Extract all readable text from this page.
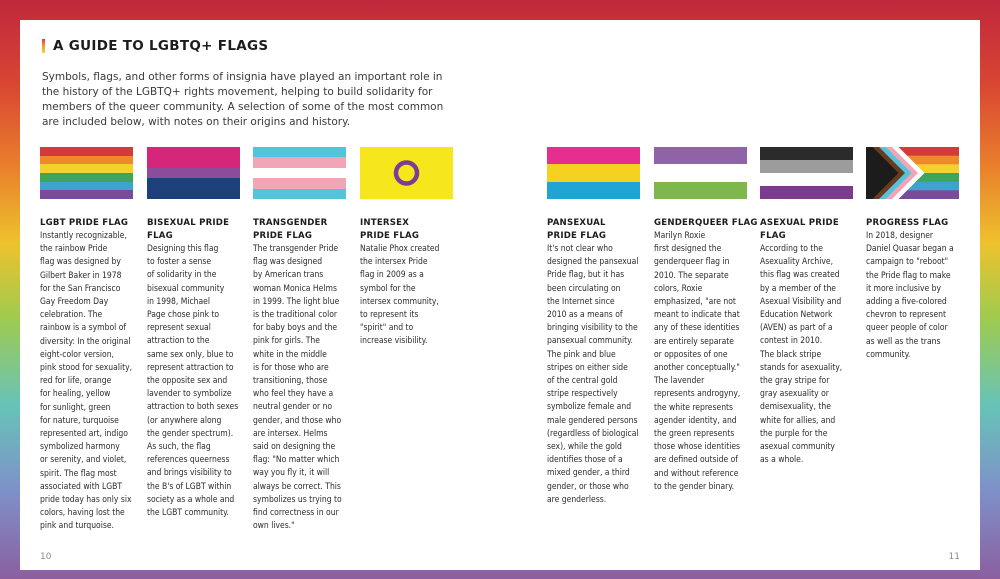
A GUIDE TO LGBTQ+ FLAGS
Symbols, flags, and other forms of insignia have played an important role in the history of the LGBTQ+ rights movement, helping to build solidarity for members of the queer community. A selection of some of the most common are included below, with notes on their origins and history.
LGBT PRIDE FLAG
Instantly recognizable,
the rainbow Pride
flag was designed by
Gilbert Baker in 1978
for the San Francisco
Gay Freedom Day
celebration. The
rainbow is a symbol of
diversity: In the original
eight-color version,
pink stood for sexuality,
red for life, orange
for healing, yellow
for sunlight, green
for nature, turquoise
represented art, indigo
symbolized harmony
or serenity, and violet,
spirit. The flag most
associated with LGBT
pride today has only six
colors, having lost the
pink and turquoise.
BISEXUAL PRIDE
FLAG
Designing this flag
to foster a sense
of solidarity in the
bisexual community
in 1998, Michael
Page chose pink to
represent sexual
attraction to the
same sex only, blue to
represent attraction to
the opposite sex and
lavender to symbolize
attraction to both sexes
(or anywhere along
the gender spectrum).
As such, the flag
references queerness
and brings visibility to
the B's of LGBT within
society as a whole and
the LGBT community.
TRANSGENDER
PRIDE FLAG
The transgender Pride
flag was designed
by American trans
woman Monica Helms
in 1999. The light blue
is the traditional color
for baby boys and the
pink for girls. The
white in the middle
is for those who are
transitioning, those
who feel they have a
neutral gender or no
gender, and those who
are intersex. Helms
said on designing the
flag: "No matter which
way you fly it, it will
always be correct. This
symbolizes us trying to
find correctness in our
own lives."
INTERSEX
PRIDE FLAG
Natalie Phox created
the intersex Pride
flag in 2009 as a
symbol for the
intersex community,
to represent its
"spirit" and to
increase visibility.
PANSEXUAL
PRIDE FLAG
It's not clear who
designed the pansexual
Pride flag, but it has
been circulating on
the Internet since
2010 as a means of
bringing visibility to the
pansexual community.
The pink and blue
stripes on either side
of the central gold
stripe respectively
symbolize female and
male gendered persons
(regardless of biological
sex), while the gold
identifies those of a
mixed gender, a third
gender, or those who
are genderless.
GENDERQUEER FLAG
Marilyn Roxie
first designed the
genderqueer flag in
2010. The separate
colors, Roxie
emphasized, "are not
meant to indicate that
any of these identities
are entirely separate
or opposites of one
another conceptually."
The lavender
represents androgyny,
the white represents
agender identity, and
the green represents
those whose identities
are defined outside of
and without reference
to the gender binary.
ASEXUAL PRIDE FLAG
According to the
Asexuality Archive,
this flag was created
by a member of the
Asexual Visibility and
Education Network
(AVEN) as part of a
contest in 2010.
The black stripe
stands for asexuality,
the gray stripe for
gray asexuality or
demisexuality, the
white for allies, and
the purple for the
asexual community
as a whole.
PROGRESS FLAG
In 2018, designer
Daniel Quasar began a
campaign to "reboot"
the Pride flag to make
it more inclusive by
adding a five-colored
chevron to represent
queer people of color
as well as the trans
community.
10	11
